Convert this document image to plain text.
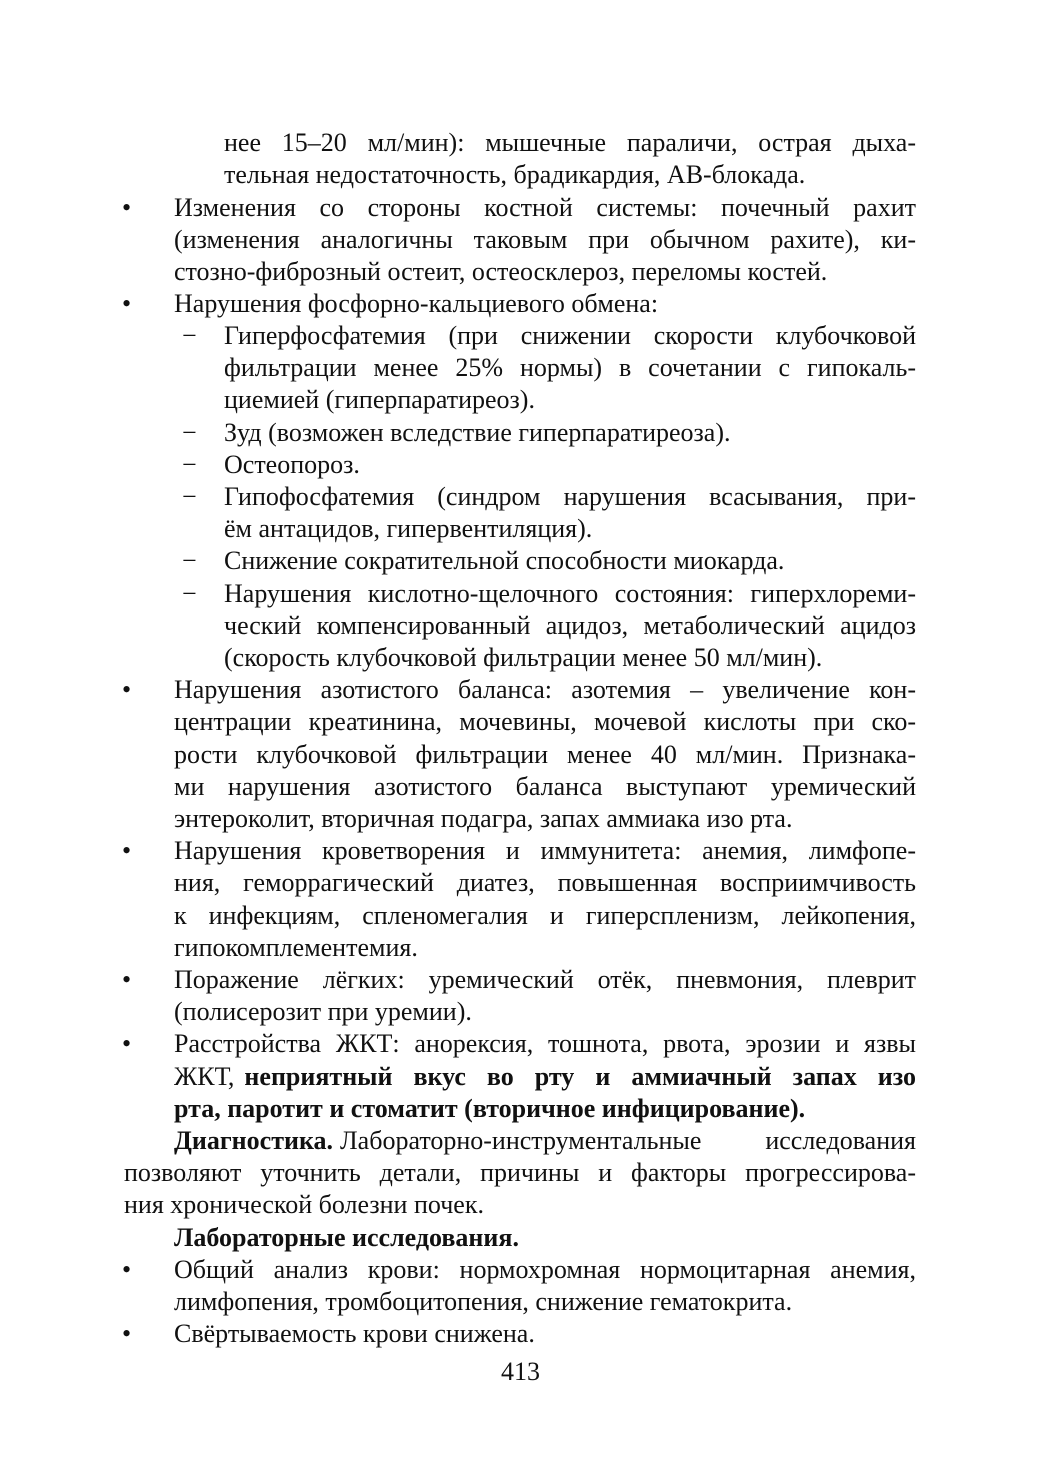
нее 15–20 мл/мин): мышечные параличи, острая дыха-
тельная недостаточность, брадикардия, АВ-блокада.
•	Изменения со стороны костной системы: почечный рахит
(изменения аналогичны таковым при обычном рахите), ки-
стозно-фиброзный остеит, остеосклероз, переломы костей.
•	Нарушения фосфорно-кальциевого обмена:
−	Гиперфосфатемия (при снижении скорости клубочковой
фильтрации менее 25% нормы) в сочетании с гипокаль-
циемией (гиперпаратиреоз).
−	Зуд (возможен вследствие гиперпаратиреоза).
−	Остеопороз.
−	Гипофосфатемия (синдром нарушения всасывания, при-
ём антацидов, гипервентиляция).
−	Снижение сократительной способности миокарда.
−	Нарушения кислотно-щелочного состояния: гиперхлореми-
ческий компенсированный ацидоз, метаболический ацидоз
(скорость клубочковой фильтрации менее 50 мл/мин).
•	Нарушения азотистого баланса: азотемия – увеличение кон-
центрации креатинина, мочевины, мочевой кислоты при ско-
рости клубочковой фильтрации менее 40 мл/мин. Признака-
ми нарушения азотистого баланса выступают уремический
энтероколит, вторичная подагра, запах аммиака изо рта.
•	Нарушения кроветворения и иммунитета: анемия, лимфопе-
ния, геморрагический диатез, повышенная восприимчивость
к инфекциям, спленомегалия и гиперспленизм, лейкопения,
гипокомплементемия.
•	Поражение лёгких: уремический отёк, пневмония, плеврит
(полисерозит при уремии).
•	Расстройства ЖКТ: анорексия, тошнота, рвота, эрозии и язвы
ЖКТ, неприятный вкус во рту и аммиачный запах изо
рта, паротит и стоматит (вторичное инфицирование).
Диагностика. Лабораторно-инструментальные исследования
позволяют уточнить детали, причины и факторы прогрессирова-
ния хронической болезни почек.
Лабораторные исследования.
•	Общий анализ крови: нормохромная нормоцитарная анемия,
лимфопения, тромбоцитопения, снижение гематокрита.
•	Свёртываемость крови снижена.
413
